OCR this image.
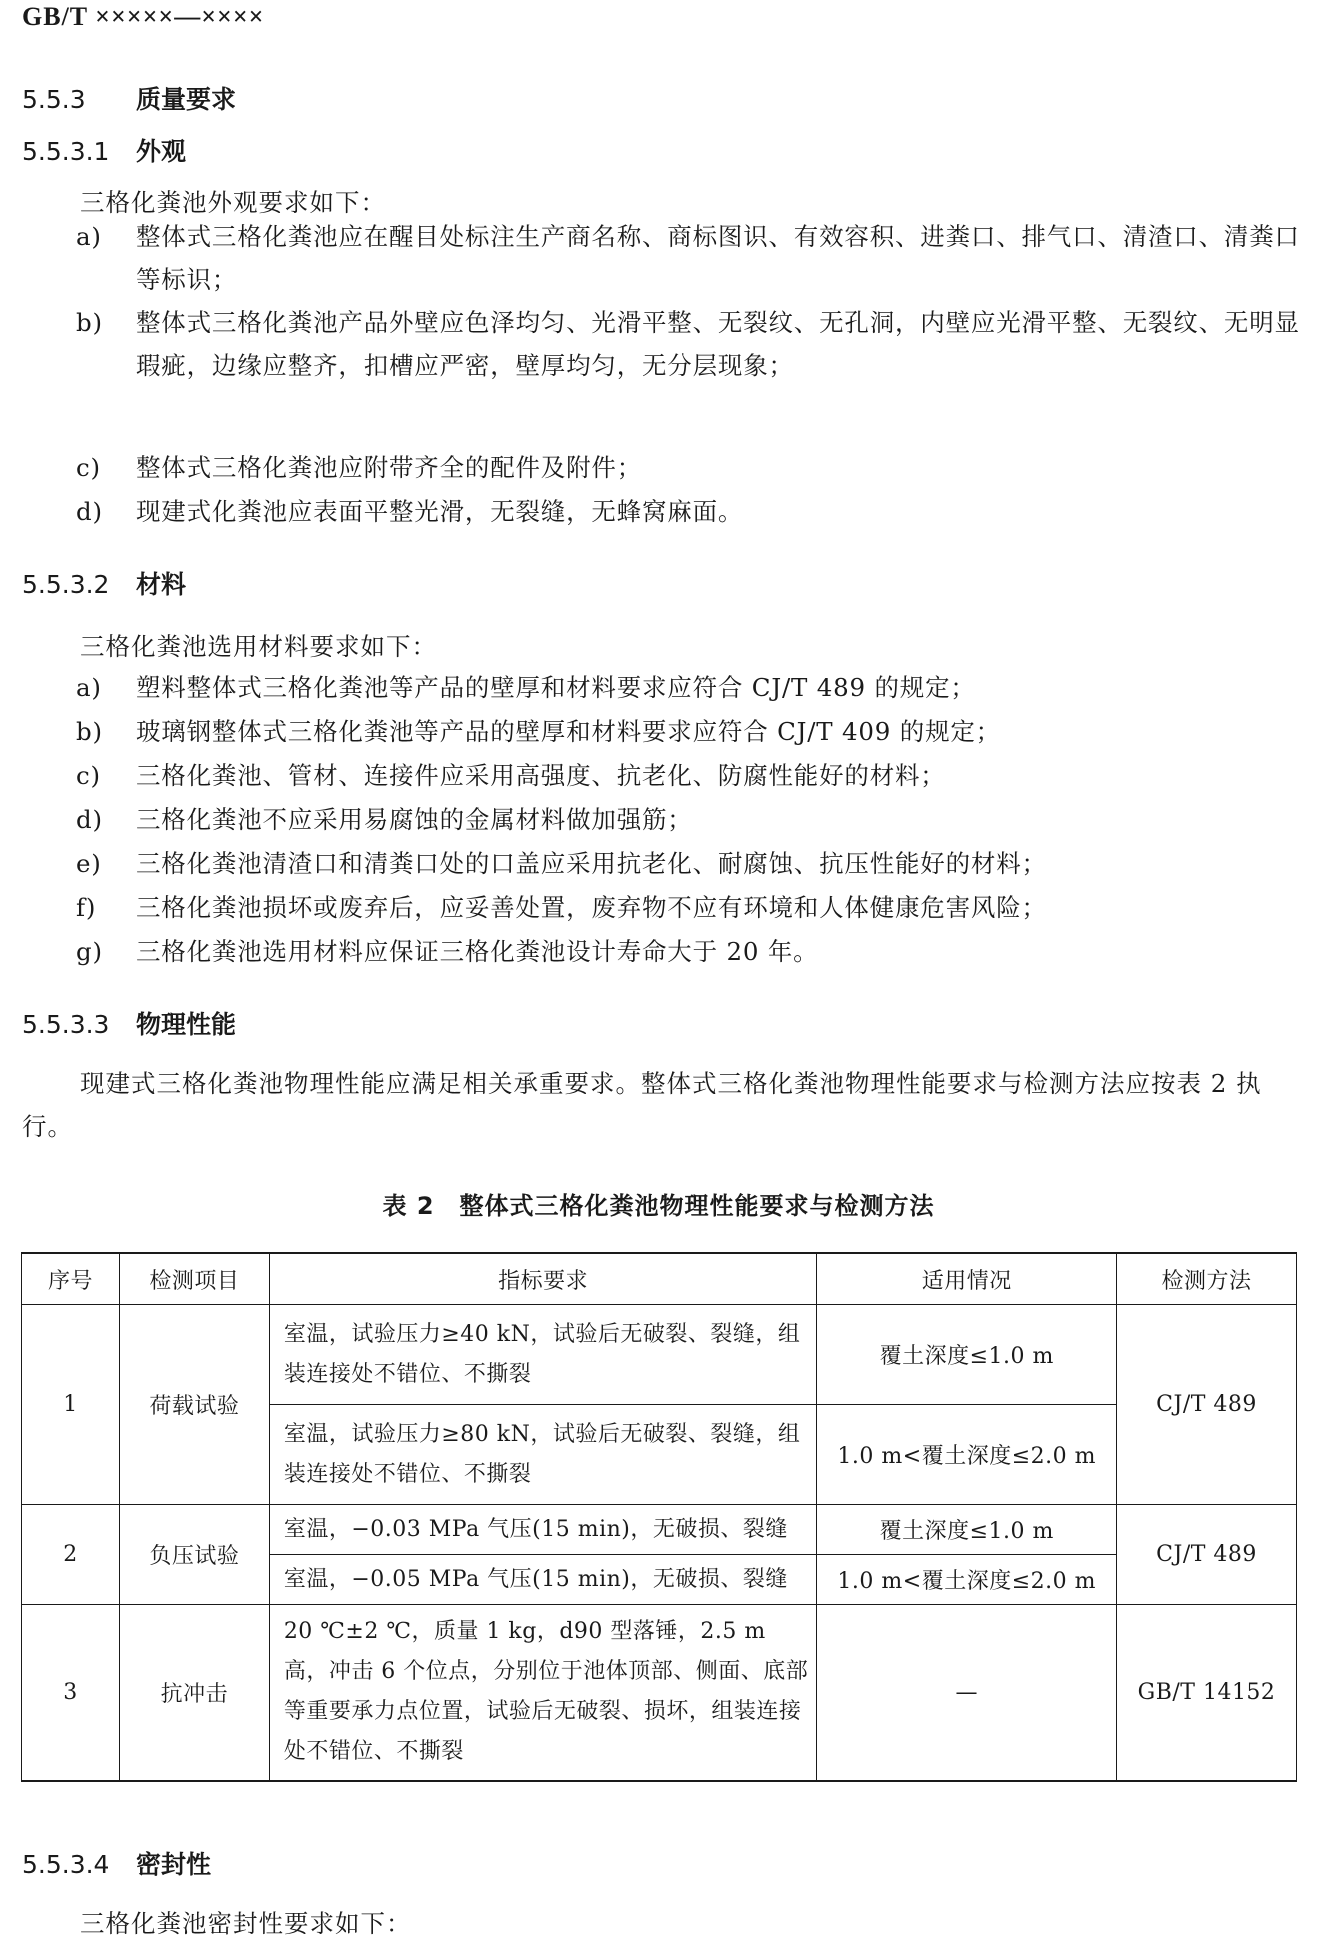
GB/T ×××××—××××
5.5.3 质量要求
5.5.3.1 外观
三格化粪池外观要求如下：
a) 整体式三格化粪池应在醒目处标注生产商名称、商标图识、有效容积、进粪口、排气口、清渣口、清粪口等标识；
b) 整体式三格化粪池产品外壁应色泽均匀、光滑平整、无裂纹、无孔洞，内壁应光滑平整、无裂纹、无明显瑕疵，边缘应整齐，扣槽应严密，壁厚均匀，无分层现象；
c) 整体式三格化粪池应附带齐全的配件及附件；
d) 现建式化粪池应表面平整光滑，无裂缝，无蜂窝麻面。
5.5.3.2 材料
三格化粪池选用材料要求如下：
a) 塑料整体式三格化粪池等产品的壁厚和材料要求应符合 CJ/T 489 的规定；
b) 玻璃钢整体式三格化粪池等产品的壁厚和材料要求应符合 CJ/T 409 的规定；
c) 三格化粪池、管材、连接件应采用高强度、抗老化、防腐性能好的材料；
d) 三格化粪池不应采用易腐蚀的金属材料做加强筋；
e) 三格化粪池清渣口和清粪口处的口盖应采用抗老化、耐腐蚀、抗压性能好的材料；
f) 三格化粪池损坏或废弃后，应妥善处置，废弃物不应有环境和人体健康危害风险；
g) 三格化粪池选用材料应保证三格化粪池设计寿命大于 20 年。
5.5.3.3 物理性能
现建式三格化粪池物理性能应满足相关承重要求。整体式三格化粪池物理性能要求与检测方法应按表 2 执行。
表 2　整体式三格化粪池物理性能要求与检测方法
序号	检测项目	指标要求	适用情况	检测方法
1	荷载试验	室温，试验压力≥40 kN，试验后无破裂、裂缝，组装连接处不错位、不撕裂	覆土深度≤1.0 m	CJ/T 489
		室温，试验压力≥80 kN，试验后无破裂、裂缝，组装连接处不错位、不撕裂	1.0 m<覆土深度≤2.0 m	
2	负压试验	室温，−0.03 MPa 气压(15 min)，无破损、裂缝	覆土深度≤1.0 m	CJ/T 489
		室温，−0.05 MPa 气压(15 min)，无破损、裂缝	1.0 m<覆土深度≤2.0 m	
3	抗冲击	20 ℃±2 ℃，质量 1 kg，d90 型落锤，2.5 m 高，冲击 6 个位点，分别位于池体顶部、侧面、底部等重要承力点位置，试验后无破裂、损坏，组装连接处不错位、不撕裂	—	GB/T 14152
5.5.3.4 密封性
三格化粪池密封性要求如下：
